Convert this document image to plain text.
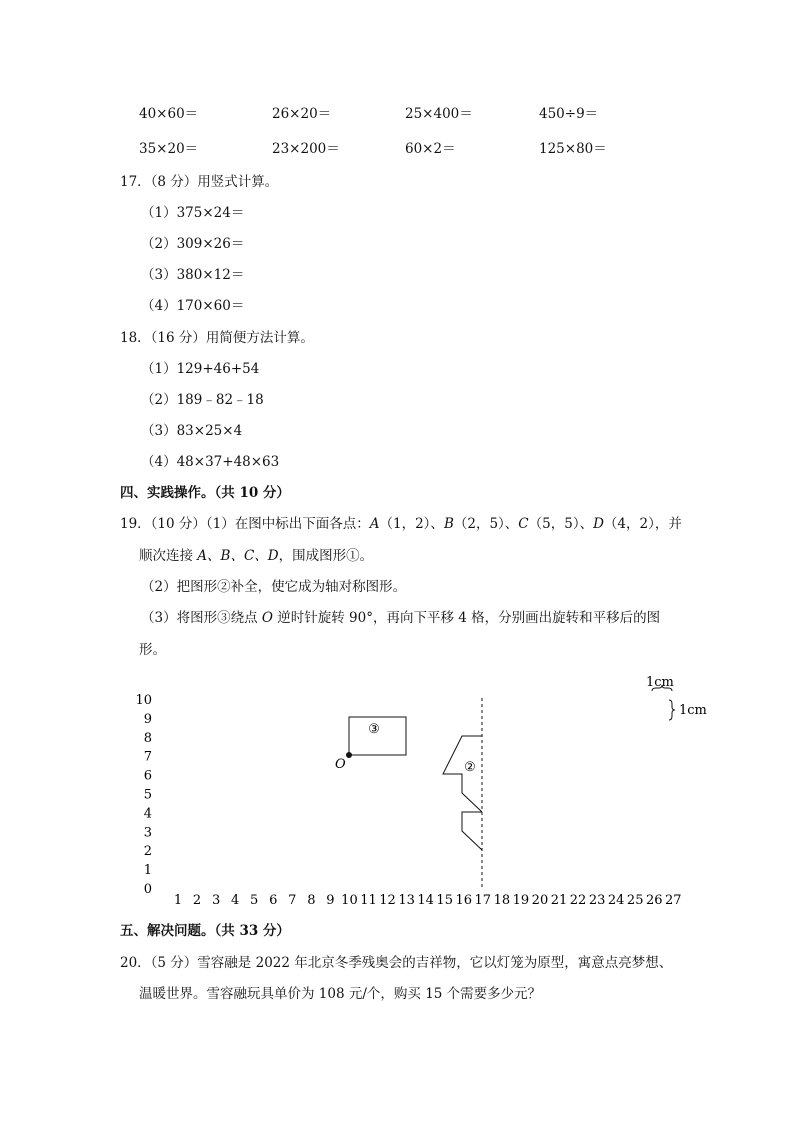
40×60＝	26×20＝	25×400＝	450÷9＝
35×20＝	23×200＝	60×2＝	125×80＝
17．（8 分）用竖式计算。
（1）375×24＝
（2）309×26＝
（3）380×12＝
（4）170×60＝
18．（16 分）用简便方法计算。
（1）129+46+54
（2）189﹣82﹣18
（3）83×25×4
（4）48×37+48×63
四、实践操作。（共 10 分）
19．（10 分）（1）在图中标出下面各点：A（1，2）、B（2，5）、C（5，5）、D（4，2），并
顺次连接 A、B、C、D，围成图形①。
（2）把图形②补全，使它成为轴对称图形。
（3）将图形③绕点 O 逆时针旋转 90°，再向下平移 4 格，分别画出旋转和平移后的图
形。
10
9
8
7
6
5
4
3
2
1
0
1 2 3 4 5 6 7 8 9 10 11 12 13 14 15 16 17 18 19 20 21 22 23 24 25 26 27
③
O	②
1cm
1cm
五、解决问题。（共 33 分）
20．（5 分）雪容融是 2022 年北京冬季残奥会的吉祥物，它以灯笼为原型，寓意点亮梦想、
温暖世界。雪容融玩具单价为 108 元/个，购买 15 个需要多少元？
